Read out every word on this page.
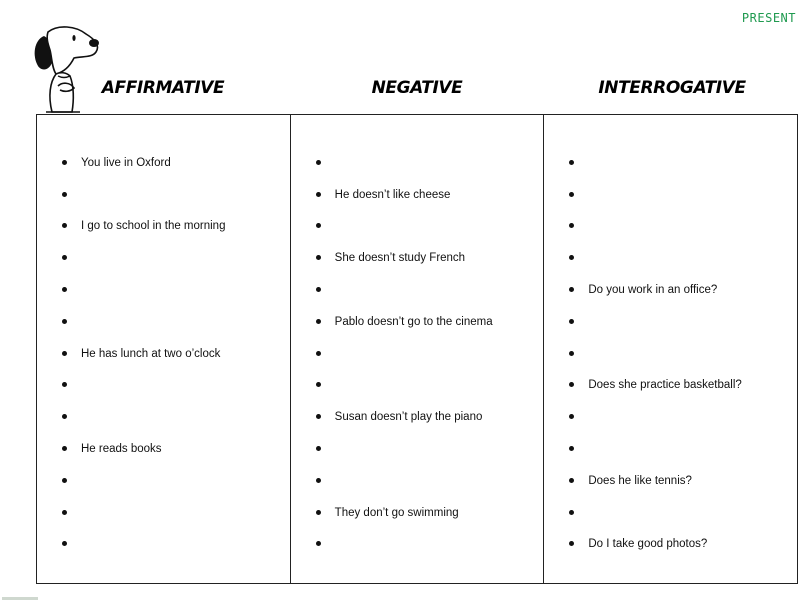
PRESENT
AFFIRMATIVE	NEGATIVE	INTERROGATIVE
You live in Oxford
I go to school in the morning
He has lunch at two o’clock
He reads books
He doesn’t like cheese
She doesn’t study French
Pablo doesn’t go to the cinema
Susan doesn’t play the piano
They don’t go swimming
Do you work in an office?
Does she practice basketball?
Does he like tennis?
Do I take good photos?
